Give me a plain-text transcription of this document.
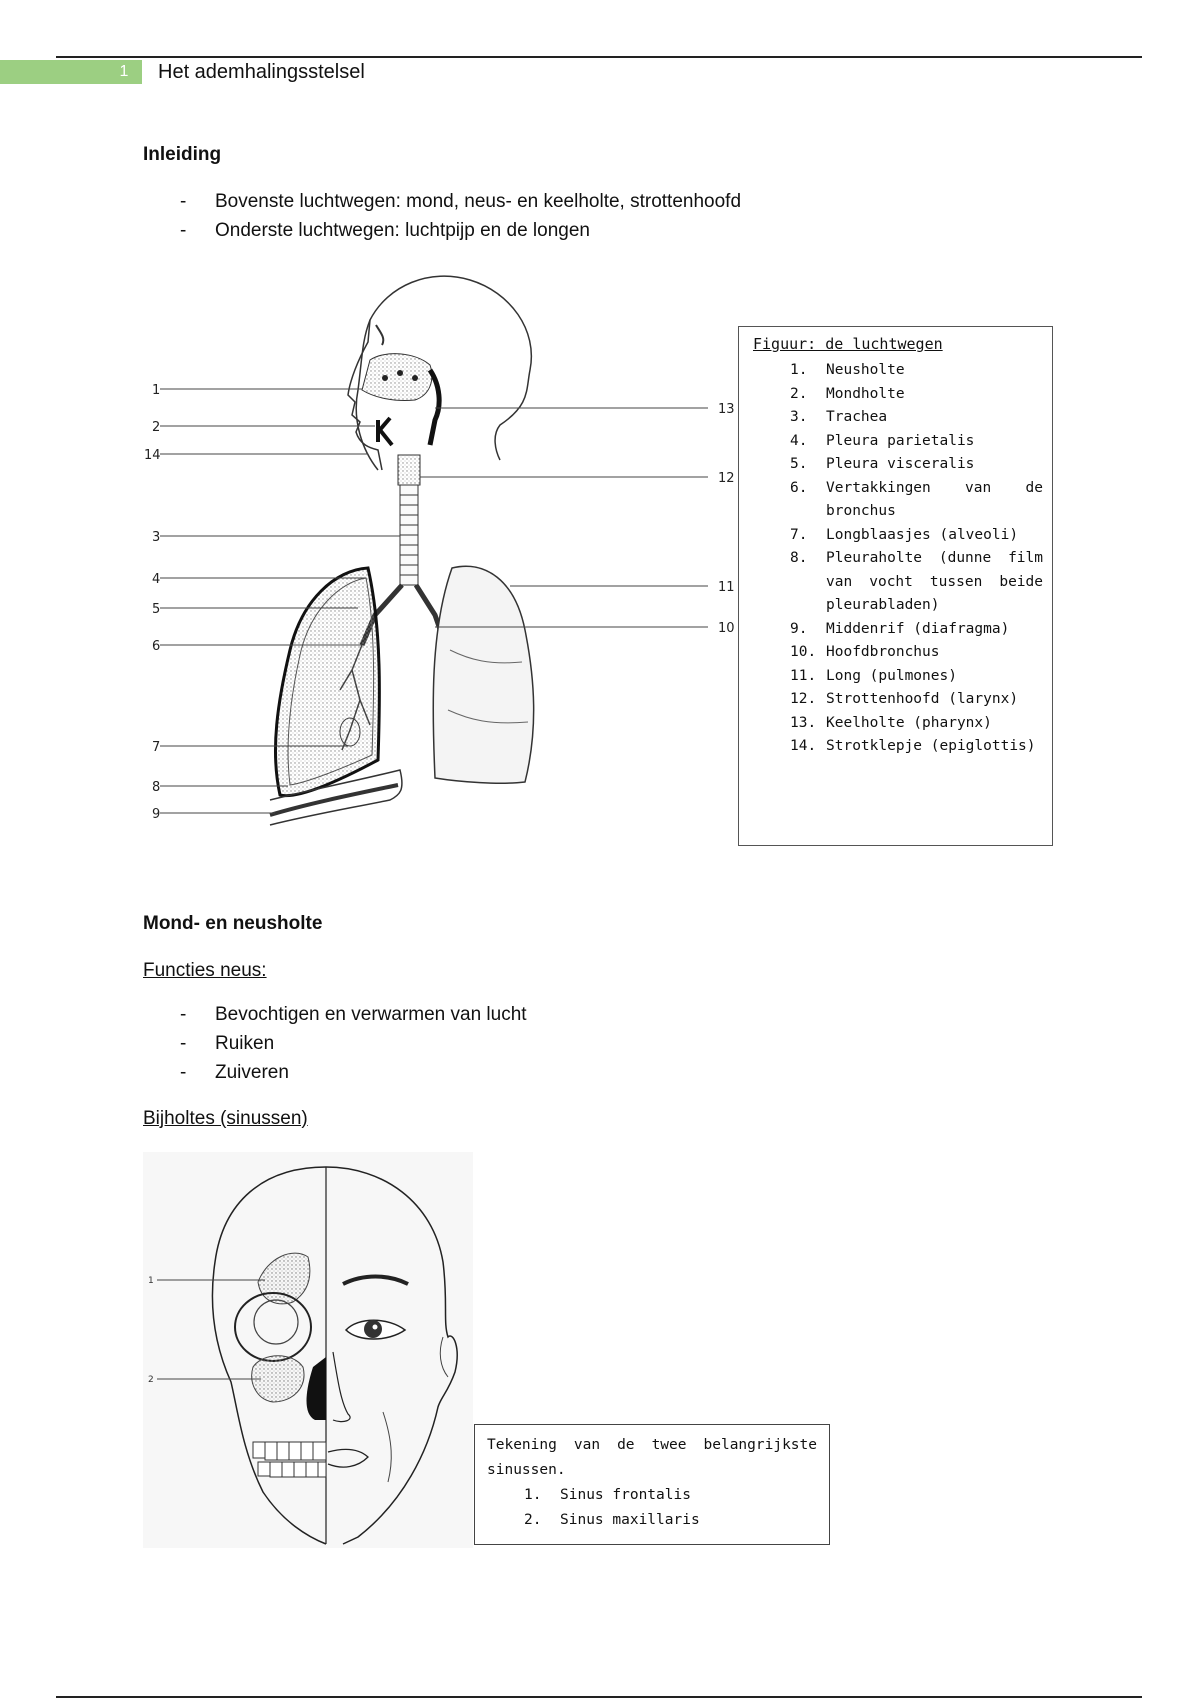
1	Het ademhalingsstelsel
Inleiding
-	Bovenste luchtwegen: mond, neus- en keelholte, strottenhoofd
-	Onderste luchtwegen: luchtpijp en de longen
1
2
14
3
4
5
6
7
8
9
13
12
11
10
Figuur: de luchtwegen
1. Neusholte
2. Mondholte
3. Trachea
4. Pleura parietalis
5. Pleura visceralis
6. Vertakkingen van de bronchus
7. Longblaasjes (alveoli)
8. Pleuraholte (dunne film van vocht tussen beide pleurabladen)
9. Middenrif (diafragma)
10. Hoofdbronchus
11. Long (pulmones)
12. Strottenhoofd (larynx)
13. Keelholte (pharynx)
14. Strotklepje (epiglottis)
Mond- en neusholte
Functies neus:
-	Bevochtigen en verwarmen van lucht
-	Ruiken
-	Zuiveren
Bijholtes (sinussen)
1
2
Tekening van de twee belangrijkste sinussen.
1. Sinus frontalis
2. Sinus maxillaris
